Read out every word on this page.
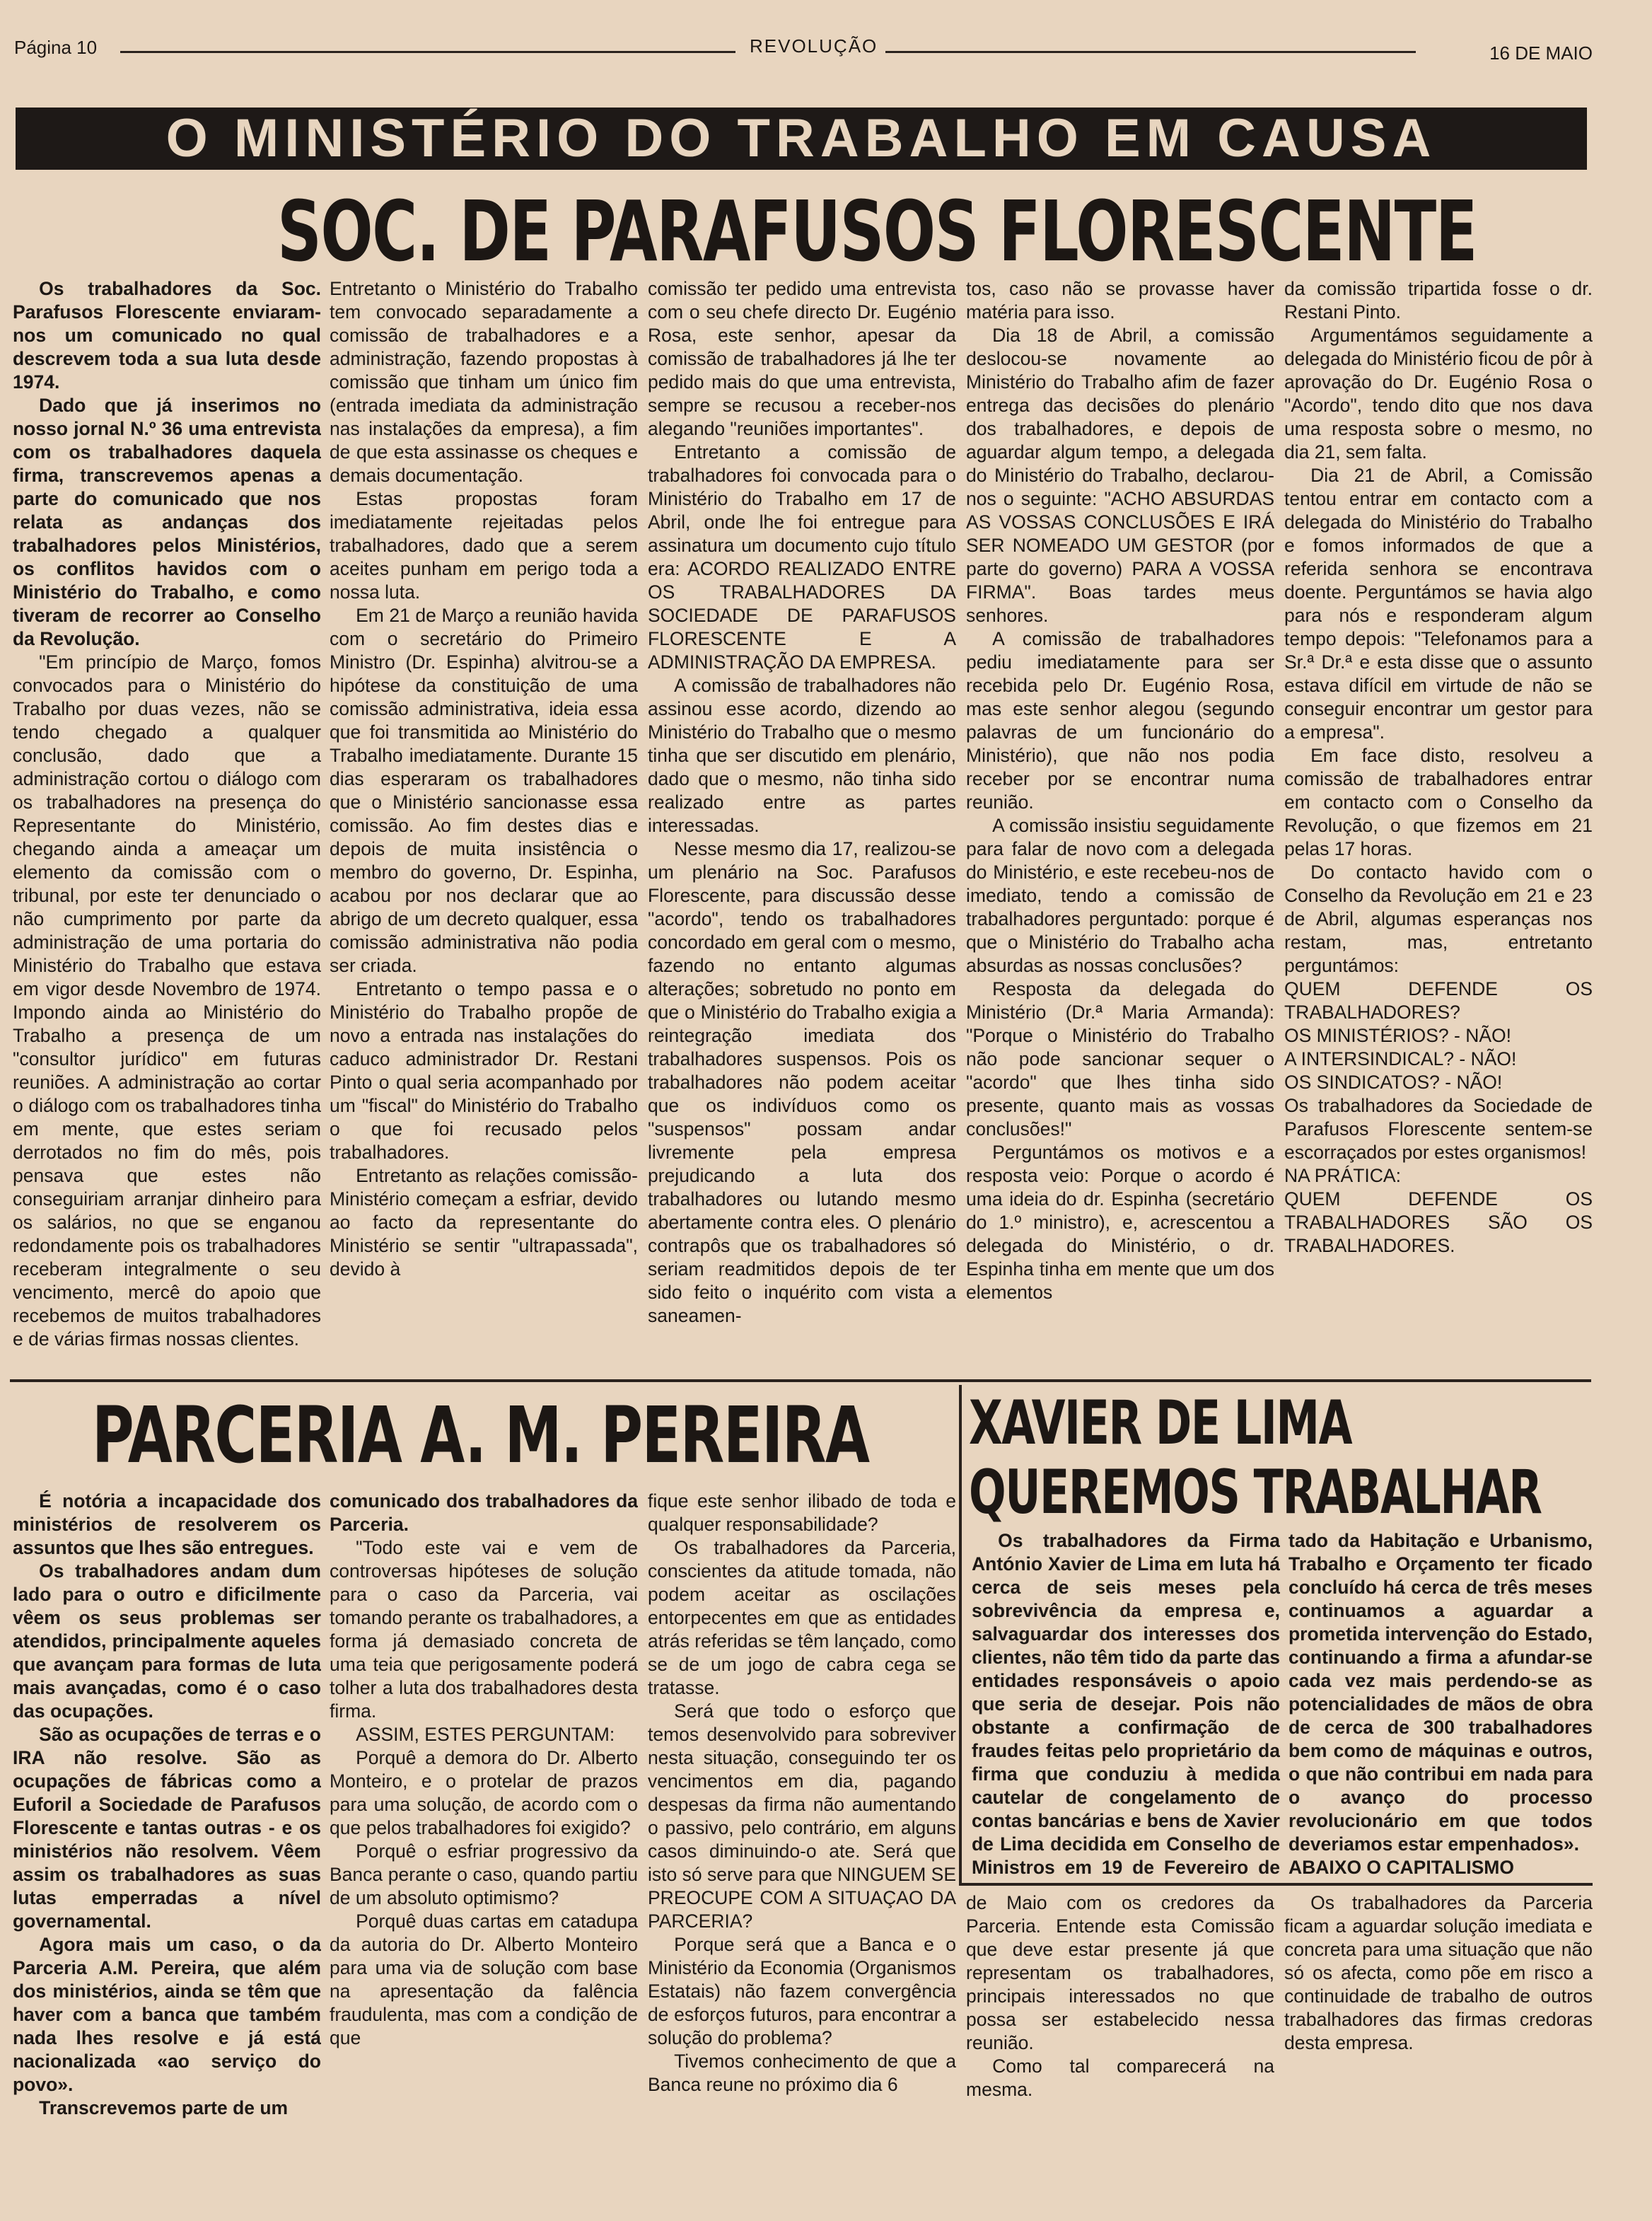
Página 10	REVOLUÇÃO	16 DE MAIO
O MINISTÉRIO DO TRABALHO EM CAUSA
SOC. DE PARAFUSOS FLORESCENTE

Os trabalhadores da Soc. Parafusos Florescente enviaram-nos um comunicado no qual descrevem toda a sua luta desde 1974.

Dado que já inserimos no nosso jornal N.º 36 uma entrevista com os trabalhadores daquela firma, transcrevemos apenas a parte do comunicado que nos relata as andanças dos trabalhadores pelos Ministérios, os conflitos havidos com o Ministério do Trabalho, e como tiveram de recorrer ao Conselho da Revolução.

"Em princípio de Março, fomos convocados para o Ministério do Trabalho por duas vezes, não se tendo chegado a qualquer conclusão, dado que a administração cortou o diálogo com os trabalhadores na presença do Representante do Ministério, chegando ainda a ameaçar um elemento da comissão com o tribunal, por este ter denunciado o não cumprimento por parte da administração de uma portaria do Ministério do Trabalho que estava em vigor desde Novembro de 1974. Impondo ainda ao Ministério do Trabalho a presença de um "consultor jurídico" em futuras reuniões. A administração ao cortar o diálogo com os trabalhadores tinha em mente, que estes seriam derrotados no fim do mês, pois pensava que estes não conseguiriam arranjar dinheiro para os salários, no que se enganou redondamente pois os trabalhadores receberam integralmente o seu vencimento, mercê do apoio que recebemos de muitos trabalhadores e de várias firmas nossas clientes.

Entretanto o Ministério do Trabalho tem convocado separadamente a comissão de trabalhadores e a administração, fazendo propostas à comissão que tinham um único fim (entrada imediata da administração nas instalações da empresa), a fim de que esta assinasse os cheques e demais documentação.

Estas propostas foram imediatamente rejeitadas pelos trabalhadores, dado que a serem aceites punham em perigo toda a nossa luta.

Em 21 de Março a reunião havida com o secretário do Primeiro Ministro (Dr. Espinha) alvitrou-se a hipótese da constituição de uma comissão administrativa, ideia essa que foi transmitida ao Ministério do Trabalho imediatamente. Durante 15 dias esperaram os trabalhadores que o Ministério sancionasse essa comissão. Ao fim destes dias e depois de muita insistência o membro do governo, Dr. Espinha, acabou por nos declarar que ao abrigo de um decreto qualquer, essa comissão administrativa não podia ser criada.

Entretanto o tempo passa e o Ministério do Trabalho propõe de novo a entrada nas instalações do caduco administrador Dr. Restani Pinto o qual seria acompanhado por um "fiscal" do Ministério do Trabalho o que foi recusado pelos trabalhadores.

Entretanto as relações comissão-Ministério começam a esfriar, devido ao facto da representante do Ministério se sentir "ultrapassada", devido à

comissão ter pedido uma entrevista com o seu chefe directo Dr. Eugénio Rosa, este senhor, apesar da comissão de trabalhadores já lhe ter pedido mais do que uma entrevista, sempre se recusou a receber-nos alegando "reuniões importantes".

Entretanto a comissão de trabalhadores foi convocada para o Ministério do Trabalho em 17 de Abril, onde lhe foi entregue para assinatura um documento cujo título era: ACORDO REALIZADO ENTRE OS TRABALHADORES DA SOCIEDADE DE PARAFUSOS FLORESCENTE E A ADMINISTRAÇÃO DA EMPRESA.

A comissão de trabalhadores não assinou esse acordo, dizendo ao Ministério do Trabalho que o mesmo tinha que ser discutido em plenário, dado que o mesmo, não tinha sido realizado entre as partes interessadas.

Nesse mesmo dia 17, realizou-se um plenário na Soc. Parafusos Florescente, para discussão desse "acordo", tendo os trabalhadores concordado em geral com o mesmo, fazendo no entanto algumas alterações; sobretudo no ponto em que o Ministério do Trabalho exigia a reintegração imediata dos trabalhadores suspensos. Pois os trabalhadores não podem aceitar que os indivíduos como os "suspensos" possam andar livremente pela empresa prejudicando a luta dos trabalhadores ou lutando mesmo abertamente contra eles. O plenário contrapôs que os trabalhadores só seriam readmitidos depois de ter sido feito o inquérito com vista a saneamen-

tos, caso não se provasse haver matéria para isso.

Dia 18 de Abril, a comissão deslocou-se novamente ao Ministério do Trabalho afim de fazer entrega das decisões do plenário dos trabalhadores, e depois de aguardar algum tempo, a delegada do Ministério do Trabalho, declarou-nos o seguinte: "ACHO ABSURDAS AS VOSSAS CONCLUSÕES E IRÁ SER NOMEADO UM GESTOR (por parte do governo) PARA A VOSSA FIRMA". Boas tardes meus senhores.

A comissão de trabalhadores pediu imediatamente para ser recebida pelo Dr. Eugénio Rosa, mas este senhor alegou (segundo palavras de um funcionário do Ministério), que não nos podia receber por se encontrar numa reunião.

A comissão insistiu seguidamente para falar de novo com a delegada do Ministério, e este recebeu-nos de imediato, tendo a comissão de trabalhadores perguntado: porque é que o Ministério do Trabalho acha absurdas as nossas conclusões?

Resposta da delegada do Ministério (Dr.ª Maria Armanda): "Porque o Ministério do Trabalho não pode sancionar sequer o "acordo" que lhes tinha sido presente, quanto mais as vossas conclusões!"

Perguntámos os motivos e a resposta veio: Porque o acordo é uma ideia do dr. Espinha (secretário do 1.º ministro), e, acrescentou a delegada do Ministério, o dr. Espinha tinha em mente que um dos elementos

da comissão tripartida fosse o dr. Restani Pinto.

Argumentámos seguidamente a delegada do Ministério ficou de pôr à aprovação do Dr. Eugénio Rosa o "Acordo", tendo dito que nos dava uma resposta sobre o mesmo, no dia 21, sem falta.

Dia 21 de Abril, a Comissão tentou entrar em contacto com a delegada do Ministério do Trabalho e fomos informados de que a referida senhora se encontrava doente. Perguntámos se havia algo para nós e responderam algum tempo depois: "Telefonamos para a Sr.ª Dr.ª e esta disse que o assunto estava difícil em virtude de não se conseguir encontrar um gestor para a empresa".

Em face disto, resolveu a comissão de trabalhadores entrar em contacto com o Conselho da Revolução, o que fizemos em 21 pelas 17 horas.

Do contacto havido com o Conselho da Revolução em 21 e 23 de Abril, algumas esperanças nos restam, mas, entretanto perguntámos:

QUEM DEFENDE OS TRABALHADORES?

OS MINISTÉRIOS? - NÃO!

A INTERSINDICAL? - NÃO!

OS SINDICATOS? - NÃO!

Os trabalhadores da Sociedade de Parafusos Florescente sentem-se escorraçados por estes organismos!

NA PRÁTICA:

QUEM DEFENDE OS TRABALHADORES SÃO OS TRABALHADORES.

PARCERIA A. M. PEREIRA

É notória a incapacidade dos ministérios de resolverem os assuntos que lhes são entregues.

Os trabalhadores andam dum lado para o outro e dificilmente vêem os seus problemas ser atendidos, principalmente aqueles que avançam para formas de luta mais avançadas, como é o caso das ocupações.

São as ocupações de terras e o IRA não resolve. São as ocupações de fábricas como a Euforil a Sociedade de Parafusos Florescente e tantas outras - e os ministérios não resolvem. Vêem assim os trabalhadores as suas lutas emperradas a nível governamental.

Agora mais um caso, o da Parceria A.M. Pereira, que além dos ministérios, ainda se têm que haver com a banca que também nada lhes resolve e já está nacionalizada «ao serviço do povo».

Transcrevemos parte de um

comunicado dos trabalhadores da Parceria.

"Todo este vai e vem de controversas hipóteses de solução para o caso da Parceria, vai tomando perante os trabalhadores, a forma já demasiado concreta de uma teia que perigosamente poderá tolher a luta dos trabalhadores desta firma.

ASSIM, ESTES PERGUNTAM:

Porquê a demora do Dr. Alberto Monteiro, e o protelar de prazos para uma solução, de acordo com o que pelos trabalhadores foi exigido?

Porquê o esfriar progressivo da Banca perante o caso, quando partiu de um absoluto optimismo?

Porquê duas cartas em catadupa da autoria do Dr. Alberto Monteiro para uma via de solução com base na apresentação da falência fraudulenta, mas com a condição de que

fique este senhor ilibado de toda e qualquer responsabilidade?

Os trabalhadores da Parceria, conscientes da atitude tomada, não podem aceitar as oscilações entorpecentes em que as entidades atrás referidas se têm lançado, como se de um jogo de cabra cega se tratasse.

Será que todo o esforço que temos desenvolvido para sobreviver nesta situação, conseguindo ter os vencimentos em dia, pagando despesas da firma não aumentando o passivo, pelo contrário, em alguns casos diminuindo-o ate. Será que isto só serve para que NINGUEM SE PREOCUPE COM A SITUAÇAO DA PARCERIA?

Porque será que a Banca e o Ministério da Economia (Organismos Estatais) não fazem convergência de esforços futuros, para encontrar a solução do problema?

Tivemos conhecimento de que a Banca reune no próximo dia 6

de Maio com os credores da Parceria. Entende esta Comissão que deve estar presente já que representam os trabalhadores, principais interessados no que possa ser estabelecido nessa reunião.

Como tal comparecerá na mesma.

Os trabalhadores da Parceria ficam a aguardar solução imediata e concreta para uma situação que não só os afecta, como põe em risco a continuidade de trabalho de outros trabalhadores das firmas credoras desta empresa.

XAVIER DE LIMA
QUEREMOS TRABALHAR

Os trabalhadores da Firma António Xavier de Lima em luta há cerca de seis meses pela sobrevivência da empresa e, salvaguardar dos interesses dos clientes, não têm tido da parte das entidades responsáveis o apoio que seria de desejar. Pois não obstante a confirmação de fraudes feitas pelo proprietário da firma que conduziu à medida cautelar de congelamento de contas bancárias e bens de Xavier de Lima decidida em Conselho de Ministros em 19 de Fevereiro de

tado da Habitação e Urbanismo, Trabalho e Orçamento ter ficado concluído há cerca de três meses continuamos a aguardar a prometida intervenção do Estado, continuando a firma a afundar-se cada vez mais perdendo-se as potencialidades de mãos de obra de cerca de 300 trabalhadores bem como de máquinas e outros, o que não contribui em nada para o avanço do processo revolucionário em que todos deveriamos estar empenhados».

ABAIXO O CAPITALISMO
